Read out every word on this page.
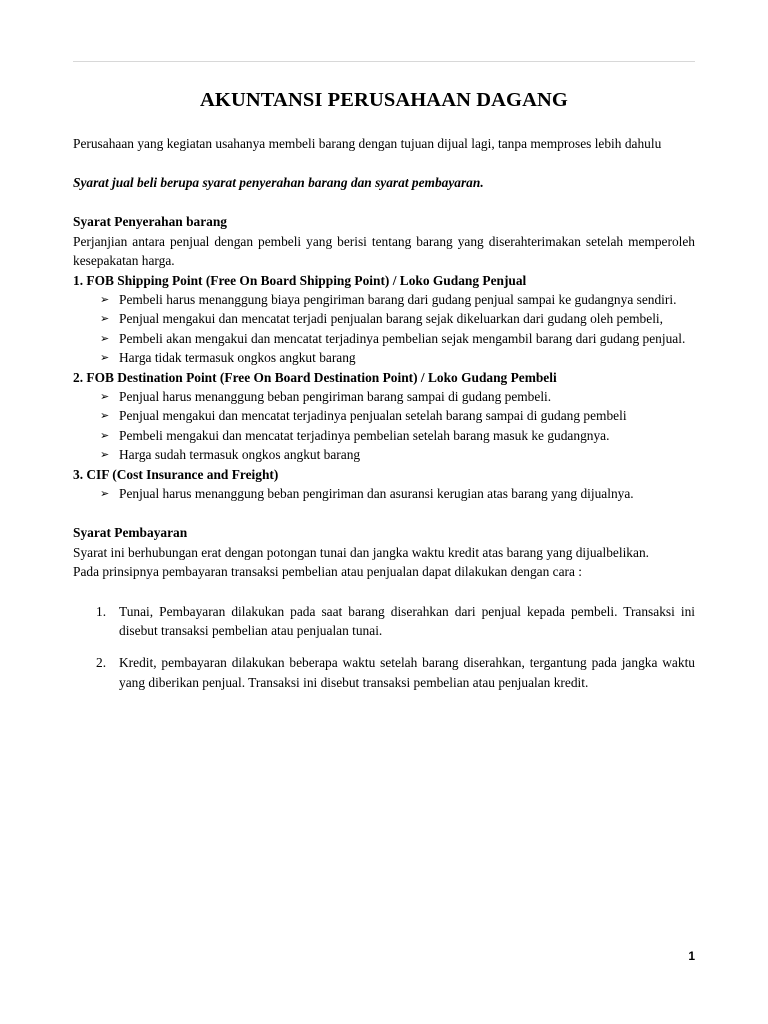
AKUNTANSI PERUSAHAAN DAGANG

Perusahaan yang kegiatan usahanya membeli barang dengan tujuan dijual lagi, tanpa memproses lebih dahulu

Syarat jual beli berupa syarat penyerahan barang dan syarat pembayaran.

Syarat Penyerahan barang

Perjanjian antara penjual dengan pembeli yang berisi tentang barang yang diserahterimakan setelah memperoleh kesepakatan harga.

1. FOB Shipping Point (Free On Board Shipping Point) / Loko Gudang Penjual

➢ Pembeli harus menanggung biaya pengiriman barang dari gudang penjual sampai ke gudangnya sendiri.
➢ Penjual mengakui dan mencatat terjadi penjualan barang sejak dikeluarkan dari gudang oleh pembeli,
➢ Pembeli akan mengakui dan mencatat terjadinya pembelian sejak mengambil barang dari gudang penjual.
➢ Harga tidak termasuk ongkos angkut barang

2. FOB Destination Point (Free On Board Destination Point) / Loko Gudang Pembeli

➢ Penjual harus menanggung beban pengiriman barang sampai di gudang pembeli.
➢ Penjual mengakui dan mencatat terjadinya penjualan setelah barang sampai di gudang pembeli
➢ Pembeli mengakui dan mencatat terjadinya pembelian setelah barang masuk ke gudangnya.
➢ Harga sudah termasuk ongkos angkut barang

3. CIF (Cost Insurance and Freight)

➢ Penjual harus menanggung beban pengiriman dan asuransi kerugian atas barang yang dijualnya.

Syarat Pembayaran

Syarat ini berhubungan erat dengan potongan tunai dan jangka waktu kredit atas barang yang dijualbelikan.

Pada prinsipnya pembayaran transaksi pembelian atau penjualan dapat dilakukan dengan cara :

1. Tunai, Pembayaran dilakukan pada saat barang diserahkan dari penjual kepada pembeli. Transaksi ini disebut transaksi pembelian atau penjualan tunai.
2. Kredit, pembayaran dilakukan beberapa waktu setelah barang diserahkan, tergantung pada jangka waktu yang diberikan penjual. Transaksi ini disebut transaksi pembelian atau penjualan kredit.
1
